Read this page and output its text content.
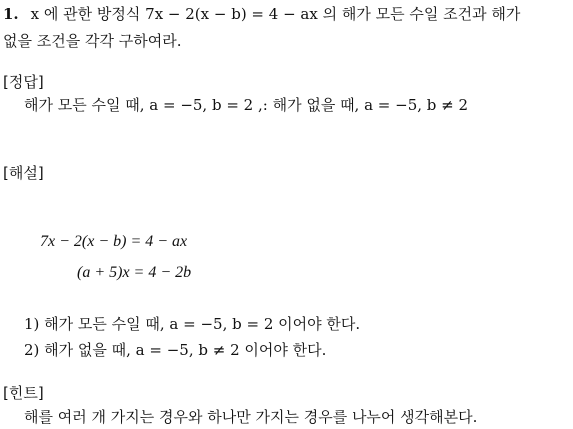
1. x 에 관한 방정식 7x − 2(x − b) = 4 − ax 의 해가 모든 수일 조건과 해가
없을 조건을 각각 구하여라.
[정답]
해가 모든 수일 때, a = −5, b = 2 ,: 해가 없을 때, a = −5, b ≠ 2
[해설]
7x − 2(x − b) = 4 − ax
(a + 5)x = 4 − 2b
1) 해가 모든 수일 때, a = −5, b = 2 이어야 한다.
2) 해가 없을 때, a = −5, b ≠ 2 이어야 한다.
[힌트]
해를 여러 개 가지는 경우와 하나만 가지는 경우를 나누어 생각해본다.
